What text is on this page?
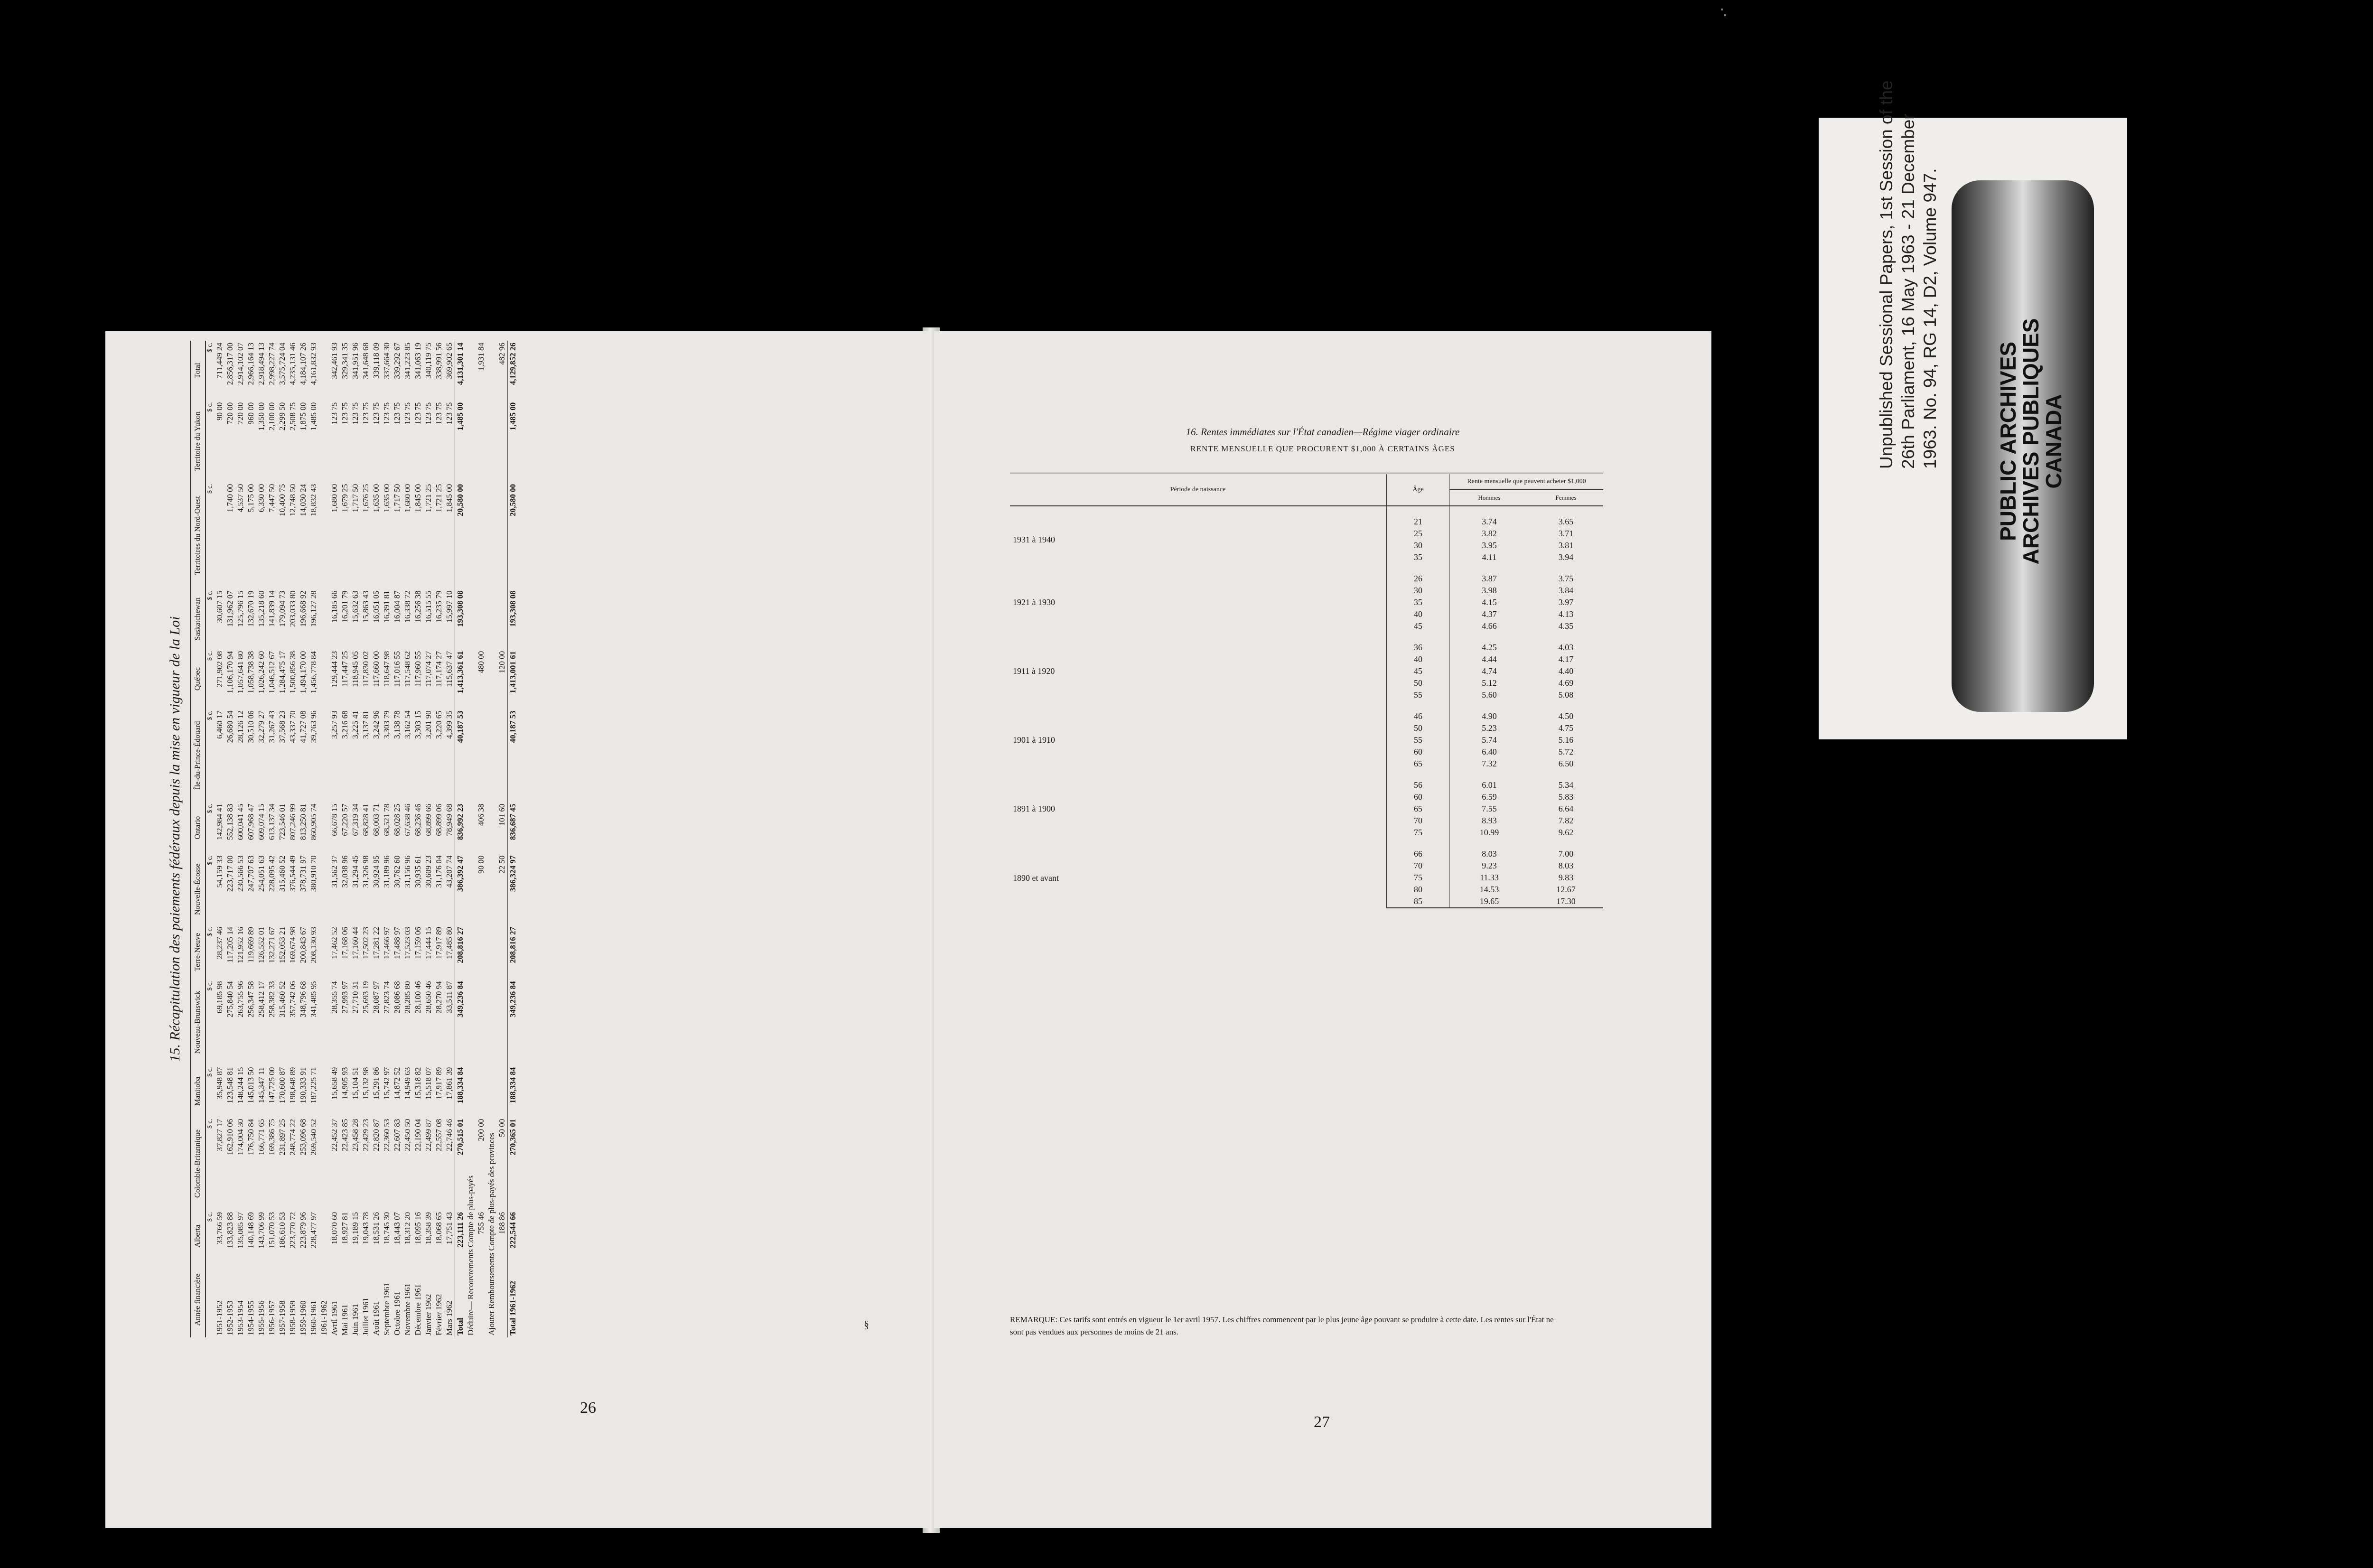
15. Récapitulation des paiements fédéraux depuis la mise en vigueur de la Loi
Année financière	Alberta	Colombie-Britannique	Manitoba	Nouveau-Brunswick	Terre-Neuve	Nouvelle-Écosse	Ontario	Île-du-Prince-Édouard	Québec	Saskatchewan	Territoires du Nord-Ouest	Territoire du Yukon	Total
	$ c.	$ c.	$ c.	$ c.	$ c.	$ c.	$ c.	$ c.	$ c.	$ c.	$ c.	$ c.	$ c.
1951-1952	33,766 59	37,827 17	35,948 87	69,185 98	28,237 46	54,159 33	142,984 41	6,460 17	271,902 08	30,607 15		90 00	711,449 24
1952-1953	133,823 88	162,910 06	123,548 81	275,840 54	117,205 14	223,717 00	552,138 83	26,680 54	1,106,170 94	131,962 07	1,740 00	720 00	2,856,317 00
1953-1954	135,085 97	174,004 30	148,244 15	263,755 96	121,952 16	230,566 53	600,041 45	28,126 12	1,057,641 80	125,796 15	4,537 50	720 00	2,914,102 07
1954-1955	140,148 69	176,750 84	145,013 50	256,347 58	119,669 89	247,707 63	607,968 47	30,510 06	1,058,738 38	132,670 19	5,175 00	960 00	2,966,164 13
1955-1956	143,706 99	166,771 65	145,347 11	258,412 17	126,552 01	254,051 63	609,074 15	32,279 27	1,026,242 60	135,218 60	6,330 00	1,350 00	2,918,494 13
1956-1957	151,070 53	169,386 75	147,725 00	258,382 33	132,271 67	228,095 42	613,137 34	31,267 43	1,046,512 67	141,839 14	7,447 50	2,100 00	2,998,227 74
1957-1958	186,610 53	231,897 25	170,600 87	315,460 52	152,053 21	315,460 52	723,546 01	37,568 23	1,284,475 17	179,094 73	10,400 75	2,299 50	3,575,724 04
1958-1959	223,770 72	248,774 22	198,648 89	357,742 06	169,674 98	376,544 49	807,246 99	43,337 70	1,500,856 38	203,033 80	12,748 50	2,508 75	4,235,131 46
1959-1960	223,879 96	253,096 68	190,333 91	348,796 68	200,843 67	378,731 97	813,250 81	41,727 08	1,494,170 00	196,668 92	14,030 24	1,875 00	4,184,107 26
1960-1961	228,477 97	269,540 52	187,225 71	341,485 95	208,130 93	380,910 70	860,905 74	39,763 96	1,456,778 84	196,127 28	18,832 43	1,485 00	4,161,832 93
1961-1962													
Avril 1961	18,070 60	22,452 37	15,658 49	28,355 74	17,462 52	31,562 37	66,678 15	3,257 93	129,444 23	16,185 66	1,680 00	123 75	342,461 93
Mai 1961	18,927 81	22,423 85	14,905 93	27,993 97	17,168 06	32,038 96	67,220 57	3,216 68	117,447 25	16,201 79	1,679 25	123 75	329,341 35
Juin 1961	19,189 15	23,458 28	15,104 51	27,710 31	17,160 44	31,294 45	67,319 34	3,225 41	118,945 05	15,632 63	1,717 50	123 75	341,951 96
Juillet 1961	19,043 78	22,429 23	15,132 98	25,693 19	17,502 23	31,326 98	68,828 41	3,137 81	117,830 02	15,863 43	1,676 25	123 75	341,648 68
Août 1961	18,531 26	22,820 87	15,291 86	28,087 97	17,281 22	30,924 95	68,003 71	3,242 96	117,660 00	16,051 05	1,635 00	123 75	339,118 09
Septembre 1961	18,745 30	22,360 53	15,742 97	27,823 74	17,466 97	31,189 96	68,521 78	3,303 79	118,647 98	16,391 81	1,635 00	123 75	337,664 30
Octobre 1961	18,443 07	22,607 83	14,872 52	28,086 68	17,488 97	30,762 60	68,028 25	3,138 78	117,016 55	16,004 87	1,717 50	123 75	339,292 67
Novembre 1961	18,312 20	22,450 50	14,949 63	28,285 80	17,523 03	31,156 96	67,638 46	3,162 54	117,548 62	16,338 72	1,680 00	123 75	341,223 85
Décembre 1961	18,095 16	22,190 04	15,318 82	28,100 46	17,159 06	30,935 61	68,236 46	3,303 15	117,960 55	16,256 38	1,845 00	123 75	341,063 19
Janvier 1962	18,358 39	22,499 87	15,518 07	28,650 46	17,444 15	30,609 23	68,899 66	3,201 90	117,074 27	16,515 55	1,721 25	123 75	340,119 75
Février 1962	18,068 65	22,557 08	17,917 89	28,270 94	17,917 89	31,176 04	68,899 06	3,220 65	117,174 27	16,235 79	1,721 25	123 75	338,991 56
Mars 1962	17,751 43	22,746 46	17,861 39	33,511 87	17,485 80	43,207 74	78,949 68	4,399 35	115,637 47	15,997 10	1,845 00	123 75	369,902 65
Total	223,111 26	270,515 01	188,334 84	349,236 84	208,816 27	386,392 47	836,992 23	40,187 53	1,413,361 61	193,308 08	20,580 00	1,485 00	4,131,301 14
Déduire— Recouvrements Compte de plus-payés													
	755 46	200 00				90 00	406 38		480 00				1,931 84
Ajouter Remboursements Compte de plus-payés des provinces													
	188 86	50 00				22 50	101 60		120 00				482 96
Total 1961-1962	222,544 66	270,365 01	188,334 84	349,236 84	208,816 27	386,324 97	836,687 45	40,187 53	1,413,001 61	193,308 08	20,580 00	1,485 00	4,129,852 26
26
§
16. Rentes immédiates sur l'État canadien—Régime viager ordinaire
RENTE MENSUELLE QUE PROCURENT $1,000 À CERTAINS ÂGES
Période de naissance	Âge	Rente mensuelle que peuvent acheter $1,000	
		Hommes	Femmes
1931 à 1940	21	3.74	3.65
	25	3.82	3.71
	30	3.95	3.81
	35	4.11	3.94
1921 à 1930	26	3.87	3.75
	30	3.98	3.84
	35	4.15	3.97
	40	4.37	4.13
	45	4.66	4.35
1911 à 1920	36	4.25	4.03
	40	4.44	4.17
	45	4.74	4.40
	50	5.12	4.69
	55	5.60	5.08
1901 à 1910	46	4.90	4.50
	50	5.23	4.75
	55	5.74	5.16
	60	6.40	5.72
	65	7.32	6.50
1891 à 1900	56	6.01	5.34
	60	6.59	5.83
	65	7.55	6.64
	70	8.93	7.82
	75	10.99	9.62
1890 et avant	66	8.03	7.00
	70	9.23	8.03
	75	11.33	9.83
	80	14.53	12.67
	85	19.65	17.30
REMARQUE: Ces tarifs sont entrés en vigueur le 1er avril 1957. Les chiffres commencent par le plus jeune âge pouvant se produire à cette date. Les rentes sur l'État ne sont pas vendues aux personnes de moins de 21 ans.
27
Unpublished Sessional Papers, 1st Session of the 26th Parliament, 16 May 1963 - 21 December 1963. No. 94, RG 14, D2, Volume 947.	PUBLIC ARCHIVES
ARCHIVES PUBLIQUES
CANADA
